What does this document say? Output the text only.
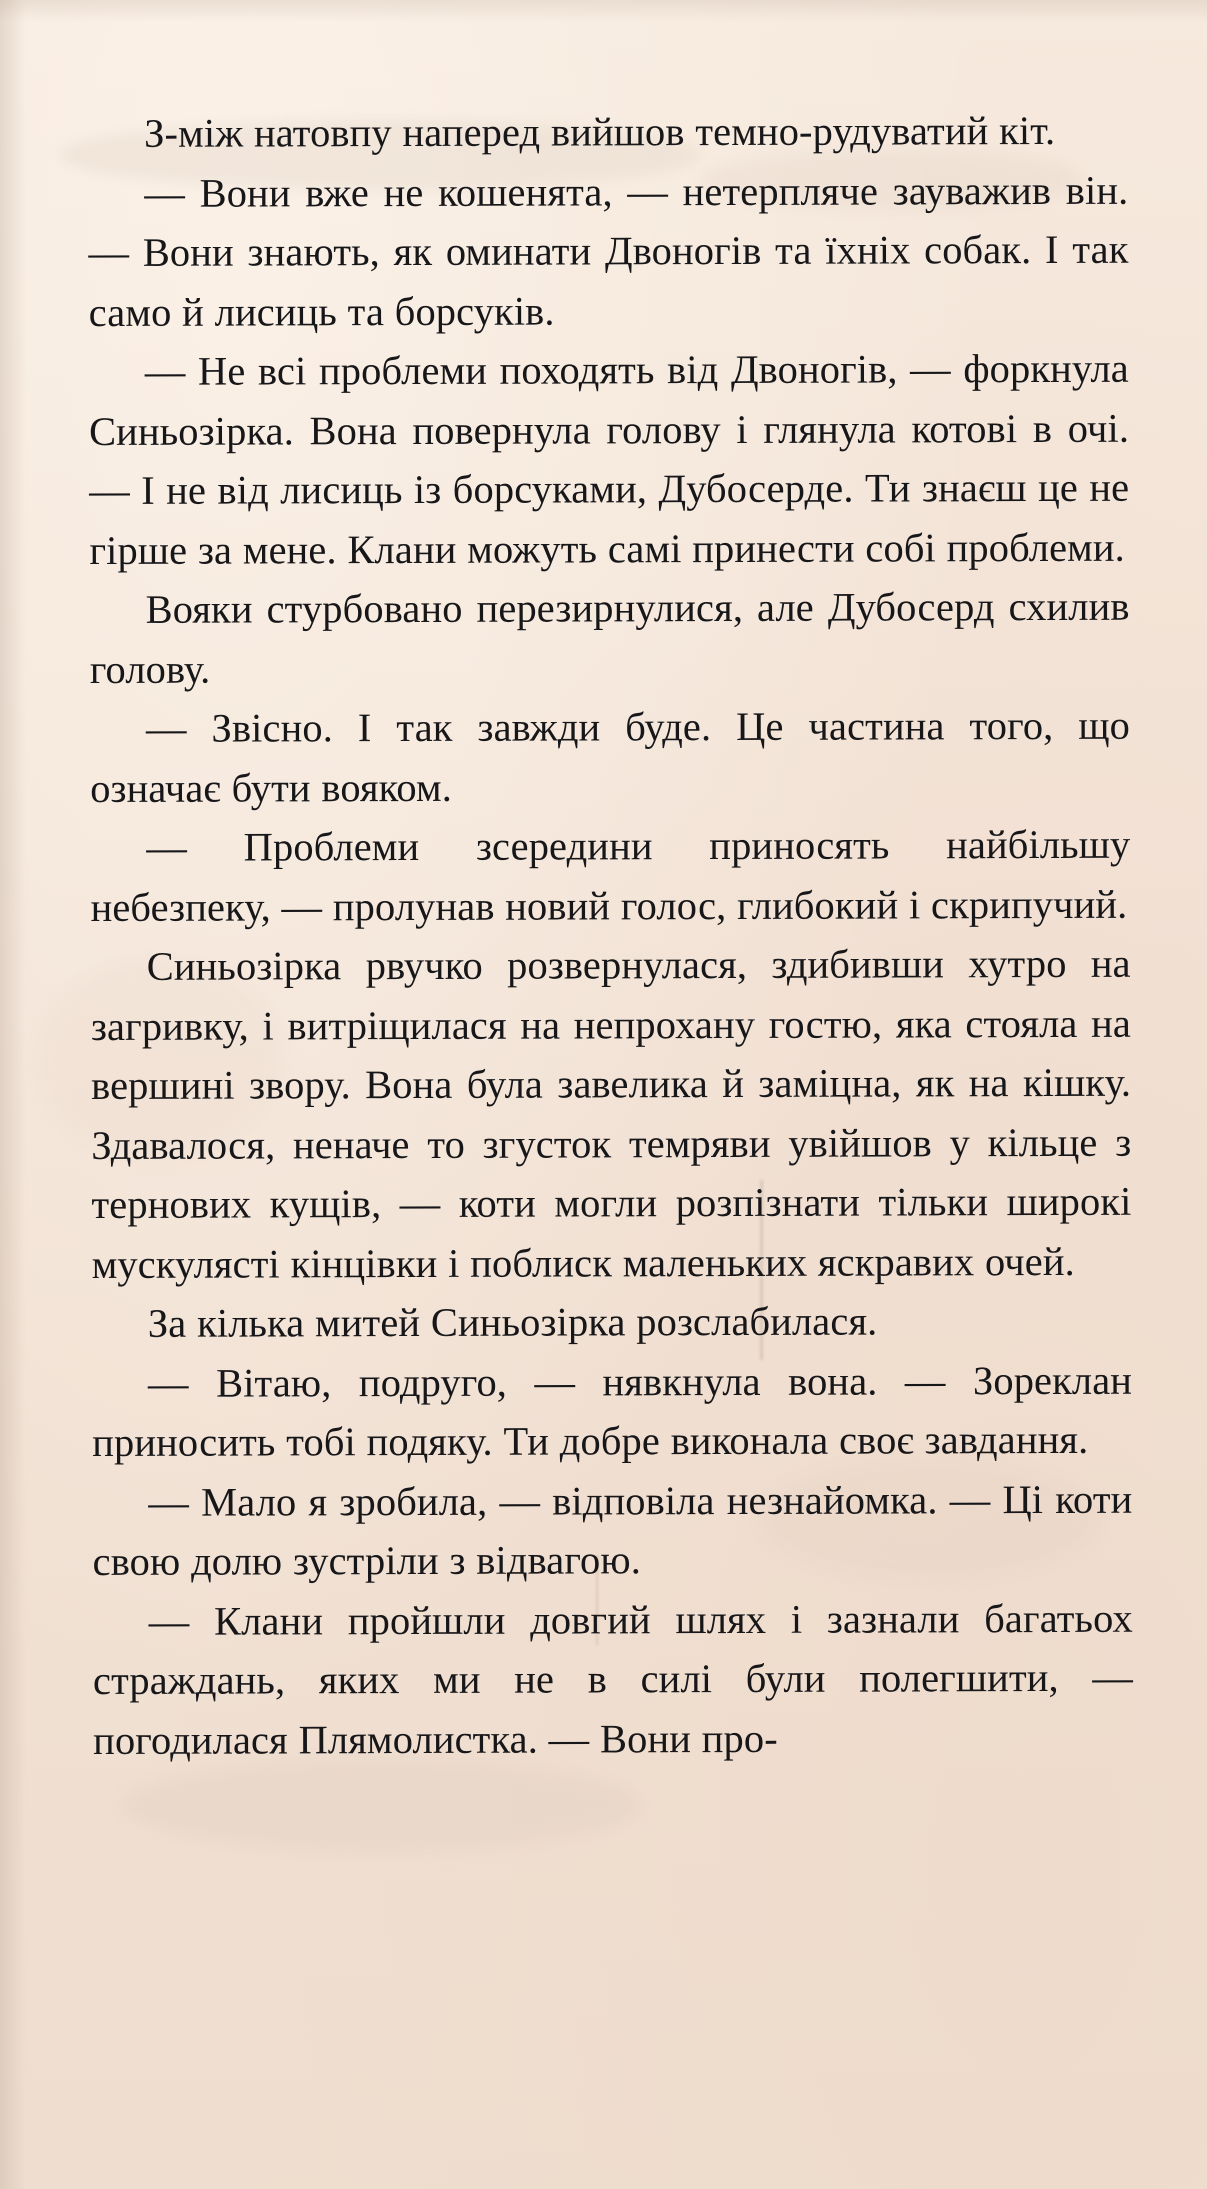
З-між натовпу наперед вийшов темно-рудуватий кіт.

— Вони вже не кошенята, — нетерпляче зауважив він. — Вони знають, як оминати Двоногів та їхніх собак. І так само й лисиць та борсуків.

— Не всі проблеми походять від Двоногів, — форкнула Синьозірка. Вона повернула голову і глянула котові в очі. — І не від лисиць із борсуками, Дубосерде. Ти знаєш це не гірше за мене. Клани можуть самі принести собі проблеми.

Вояки стурбовано перезирнулися, але Дубосерд схилив голову.

— Звісно. І так завжди буде. Це частина того, що означає бути вояком.

— Проблеми зсередини приносять найбільшу небезпеку, — пролунав новий голос, глибокий і скрипучий.

Синьозірка рвучко розвернулася, здибивши хутро на загривку, і витріщилася на непрохану гостю, яка стояла на вершині звору. Вона була завелика й заміцна, як на кішку. Здавалося, неначе то згусток темряви увійшов у кільце з тернових кущів, — коти могли розпізнати тільки широкі мускулясті кінцівки і поблиск маленьких яскравих очей.

За кілька митей Синьозірка розслабилася.

— Вітаю, подруго, — нявкнула вона. — Зореклан приносить тобі подяку. Ти добре виконала своє завдання.

— Мало я зробила, — відповіла незнайомка. — Ці коти свою долю зустріли з відвагою.

— Клани пройшли довгий шлях і зазнали багатьох страждань, яких ми не в силі були полегшити, — погодилася Плямолистка. — Вони про-
